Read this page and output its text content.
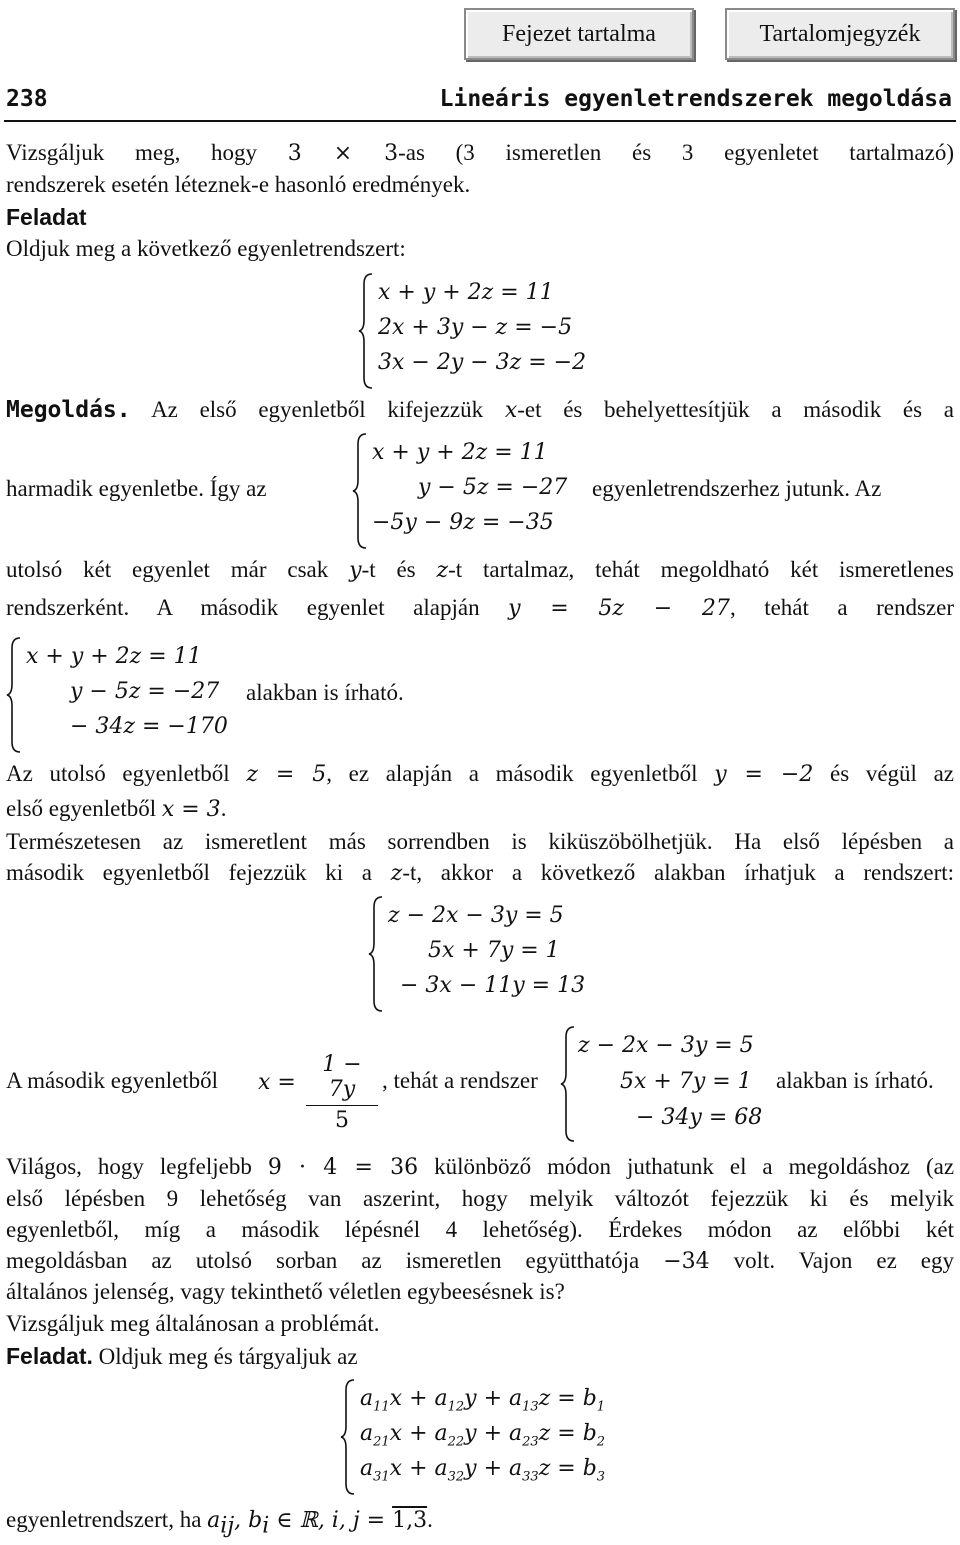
Fejezet tartalma	Tartalomjegyzék
238	Lineáris egyenletrendszerek megoldása
Vizsgáljuk meg, hogy 3 × 3-as (3 ismeretlen és 3 egyenletet tartalmazó)
rendszerek esetén léteznek-e hasonló eredmények.
Feladat
Oldjuk meg a következő egyenletrendszert:
x + y + 2z = 11
2x + 3y − z = −5
3x − 2y − 3z = −2
Megoldás. Az első egyenletből kifejezzük x-et és behelyettesítjük a második és a
x + y + 2z = 11
y − 5z = −27
−5y − 9z = −35
harmadik egyenletbe. Így az	egyenletrendszerhez jutunk. Az
utolsó két egyenlet már csak y-t és z-t tartalmaz, tehát megoldható két ismeretlenes
rendszerként. A második egyenlet alapján y = 5z − 27, tehát a rendszer
x + y + 2z = 11
y − 5z = −27
− 34z = −170
alakban is írható.
Az utolsó egyenletből z = 5, ez alapján a második egyenletből y = −2 és végül az
első egyenletből x = 3.
Természetesen az ismeretlent más sorrendben is kiküszöbölhetjük. Ha első lépésben a
második egyenletből fejezzük ki a z-t, akkor a következő alakban írhatjuk a rendszert:
z − 2x − 3y = 5
5x + 7y = 1
− 3x − 11y = 13
A második egyenletből x =
1 − 7y
5
, tehát a rendszer
z − 2x − 3y = 5
5x + 7y = 1
− 34y = 68
alakban is írható.
Világos, hogy legfeljebb 9 · 4 = 36 különböző módon juthatunk el a megoldáshoz (az
első lépésben 9 lehetőség van aszerint, hogy melyik változót fejezzük ki és melyik
egyenletből, míg a második lépésnél 4 lehetőség). Érdekes módon az előbbi két
megoldásban az utolsó sorban az ismeretlen együtthatója −34 volt. Vajon ez egy
általános jelenség, vagy tekinthető véletlen egybeesésnek is?
Vizsgáljuk meg általánosan a problémát.
Feladat. Oldjuk meg és tárgyaljuk az
$a_{11}x + a_{12}y + a_{13}z = b_1$
$a_{21}x + a_{22}y + a_{23}z = b_2$
$a_{31}x + a_{32}y + a_{33}z = b_3$
egyenletrendszert, ha $a_{ij}$, $b_i$ ∈ ℝ, i, j = 1,3.
